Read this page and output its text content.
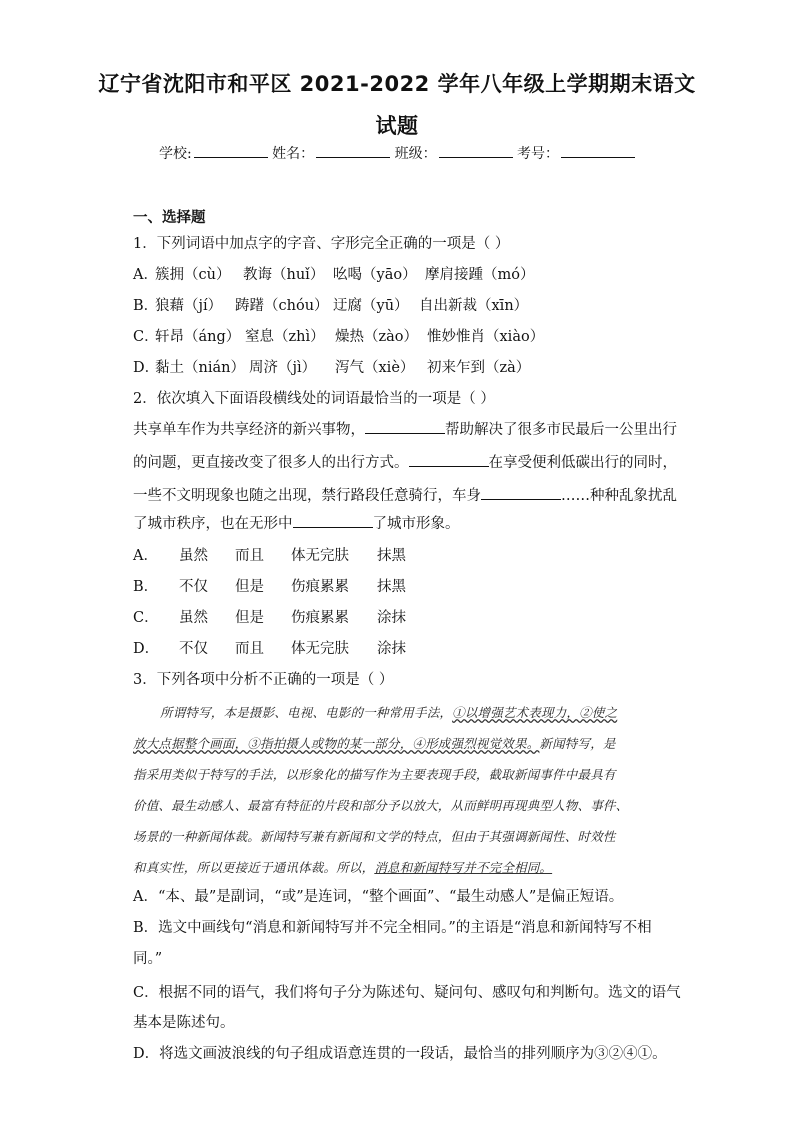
辽宁省沈阳市和平区 2021-2022 学年八年级上学期期末语文
试题
学校:	姓名：	班级：	考号：
一、选择题
1．下列词语中加点字的字音、字形完全正确的一项是（ ）
A．簇拥（cù） 教诲（huǐ） 吆喝（yāo） 摩肩接踵（mó）
B．狼藉（jí） 踌躇（chóu） 迂腐（yū） 自出新裁（xīn）
C．轩昂（áng） 窒息（zhì） 燥热（zào） 惟妙惟肖（xiào）
D．黏土（nián） 周济（jì） 泻气（xiè） 初来乍到（zà）
2．依次填入下面语段横线处的词语最恰当的一项是（ ）
共享单车作为共享经济的新兴事物，	帮助解决了很多市民最后一公里出行
的问题，更直接改变了很多人的出行方式。	在享受便利低碳出行的同时，
一些不文明现象也随之出现，禁行路段任意骑行，车身	……种种乱象扰乱
了城市秩序，也在无形中	了城市形象。
A． 虽然 而且 体无完肤 抹黑
B． 不仅 但是 伤痕累累 抹黑
C． 虽然 但是 伤痕累累 涂抹
D． 不仅 而且 体无完肤 涂抹
3．下列各项中分析不正确的一项是（ ）
所谓特写，本是摄影、电视、电影的一种常用手法，①以增强艺术表现力，②使之
放大点据整个画面，③指拍摄人或物的某一部分，④形成强烈视觉效果。新闻特写，是
指采用类似于特写的手法，以形象化的描写作为主要表现手段，截取新闻事件中最具有
价值、最生动感人、最富有特征的片段和部分予以放大，从而鲜明再现典型人物、事件、
场景的一种新闻体裁。新闻特写兼有新闻和文学的特点，但由于其强调新闻性、时效性
和真实性，所以更接近于通讯体裁。所以，消息和新闻特写并不完全相同。
A．“本、最”是副词，“或”是连词，“整个画面”、“最生动感人”是偏正短语。
B．选文中画线句“消息和新闻特写并不完全相同。”的主语是“消息和新闻特写不相
同。”
C．根据不同的语气，我们将句子分为陈述句、疑问句、感叹句和判断句。选文的语气
基本是陈述句。
D．将选文画波浪线的句子组成语意连贯的一段话，最恰当的排列顺序为③②④①。
